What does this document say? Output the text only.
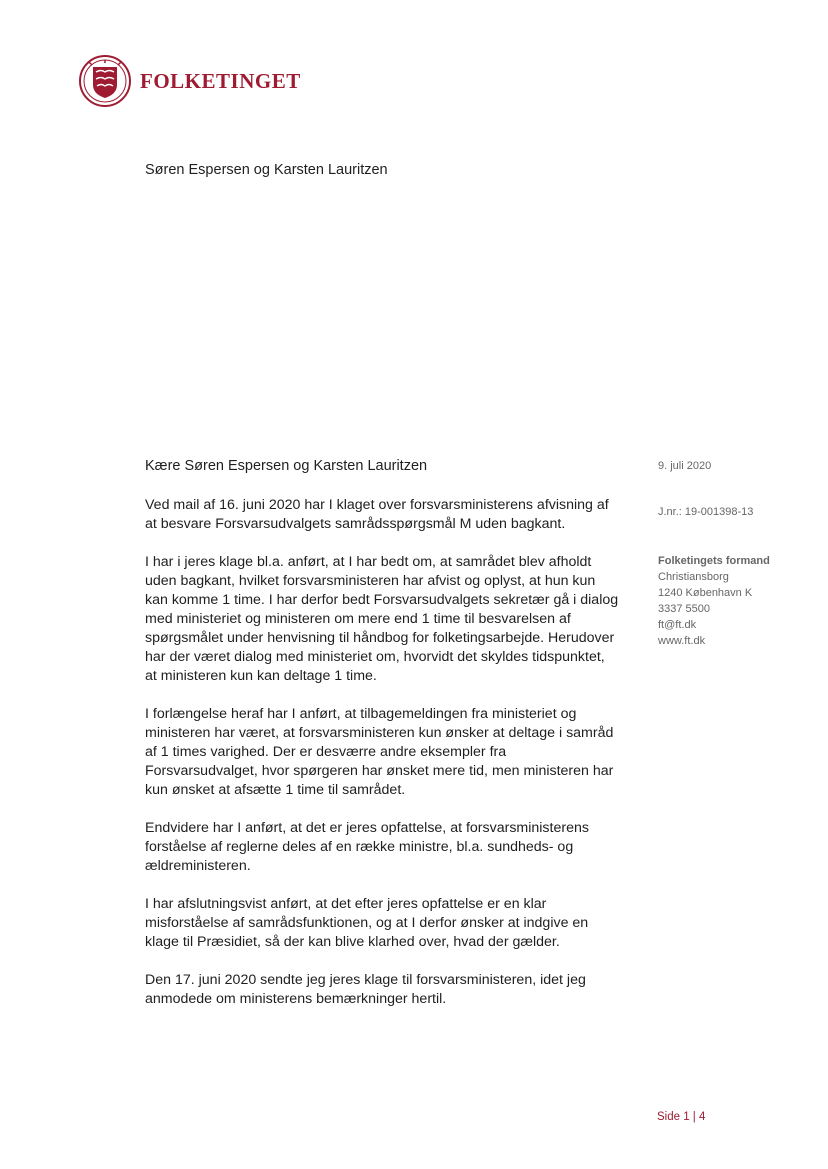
FOLKETINGET
Søren Espersen og Karsten Lauritzen
Kære Søren Espersen og Karsten Lauritzen

Ved mail af 16. juni 2020 har I klaget over forsvarsministerens afvisning af at besvare Forsvarsudvalgets samrådsspørgsmål M uden bagkant.

I har i jeres klage bl.a. anført, at I har bedt om, at samrådet blev afholdt uden bagkant, hvilket forsvarsministeren har afvist og oplyst, at hun kun kan komme 1 time. I har derfor bedt Forsvarsudvalgets sekretær gå i dialog med ministeriet og ministeren om mere end 1 time til besvarelsen af spørgsmålet under henvisning til håndbog for folketingsarbejde. Herudover har der været dialog med ministeriet om, hvorvidt det skyldes tidspunktet, at ministeren kun kan deltage 1 time.

I forlængelse heraf har I anført, at tilbagemeldingen fra ministeriet og ministeren har været, at forsvarsministeren kun ønsker at deltage i samråd af 1 times varighed. Der er desværre andre eksempler fra Forsvarsudvalget, hvor spørgeren har ønsket mere tid, men ministeren har kun ønsket at afsætte 1 time til samrådet.

Endvidere har I anført, at det er jeres opfattelse, at forsvarsministerens forståelse af reglerne deles af en række ministre, bl.a. sundheds- og ældreministeren.

I har afslutningsvist anført, at det efter jeres opfattelse er en klar misforståelse af samrådsfunktionen, og at I derfor ønsker at indgive en klage til Præsidiet, så der kan blive klarhed over, hvad der gælder.

Den 17. juni 2020 sendte jeg jeres klage til forsvarsministeren, idet jeg anmodede om ministerens bemærkninger hertil.

9. juli 2020
J.nr.: 19-001398-13
Folketingets formand
Christiansborg
1240 København K
3337 5500
ft@ft.dk
www.ft.dk
Side 1 | 4
